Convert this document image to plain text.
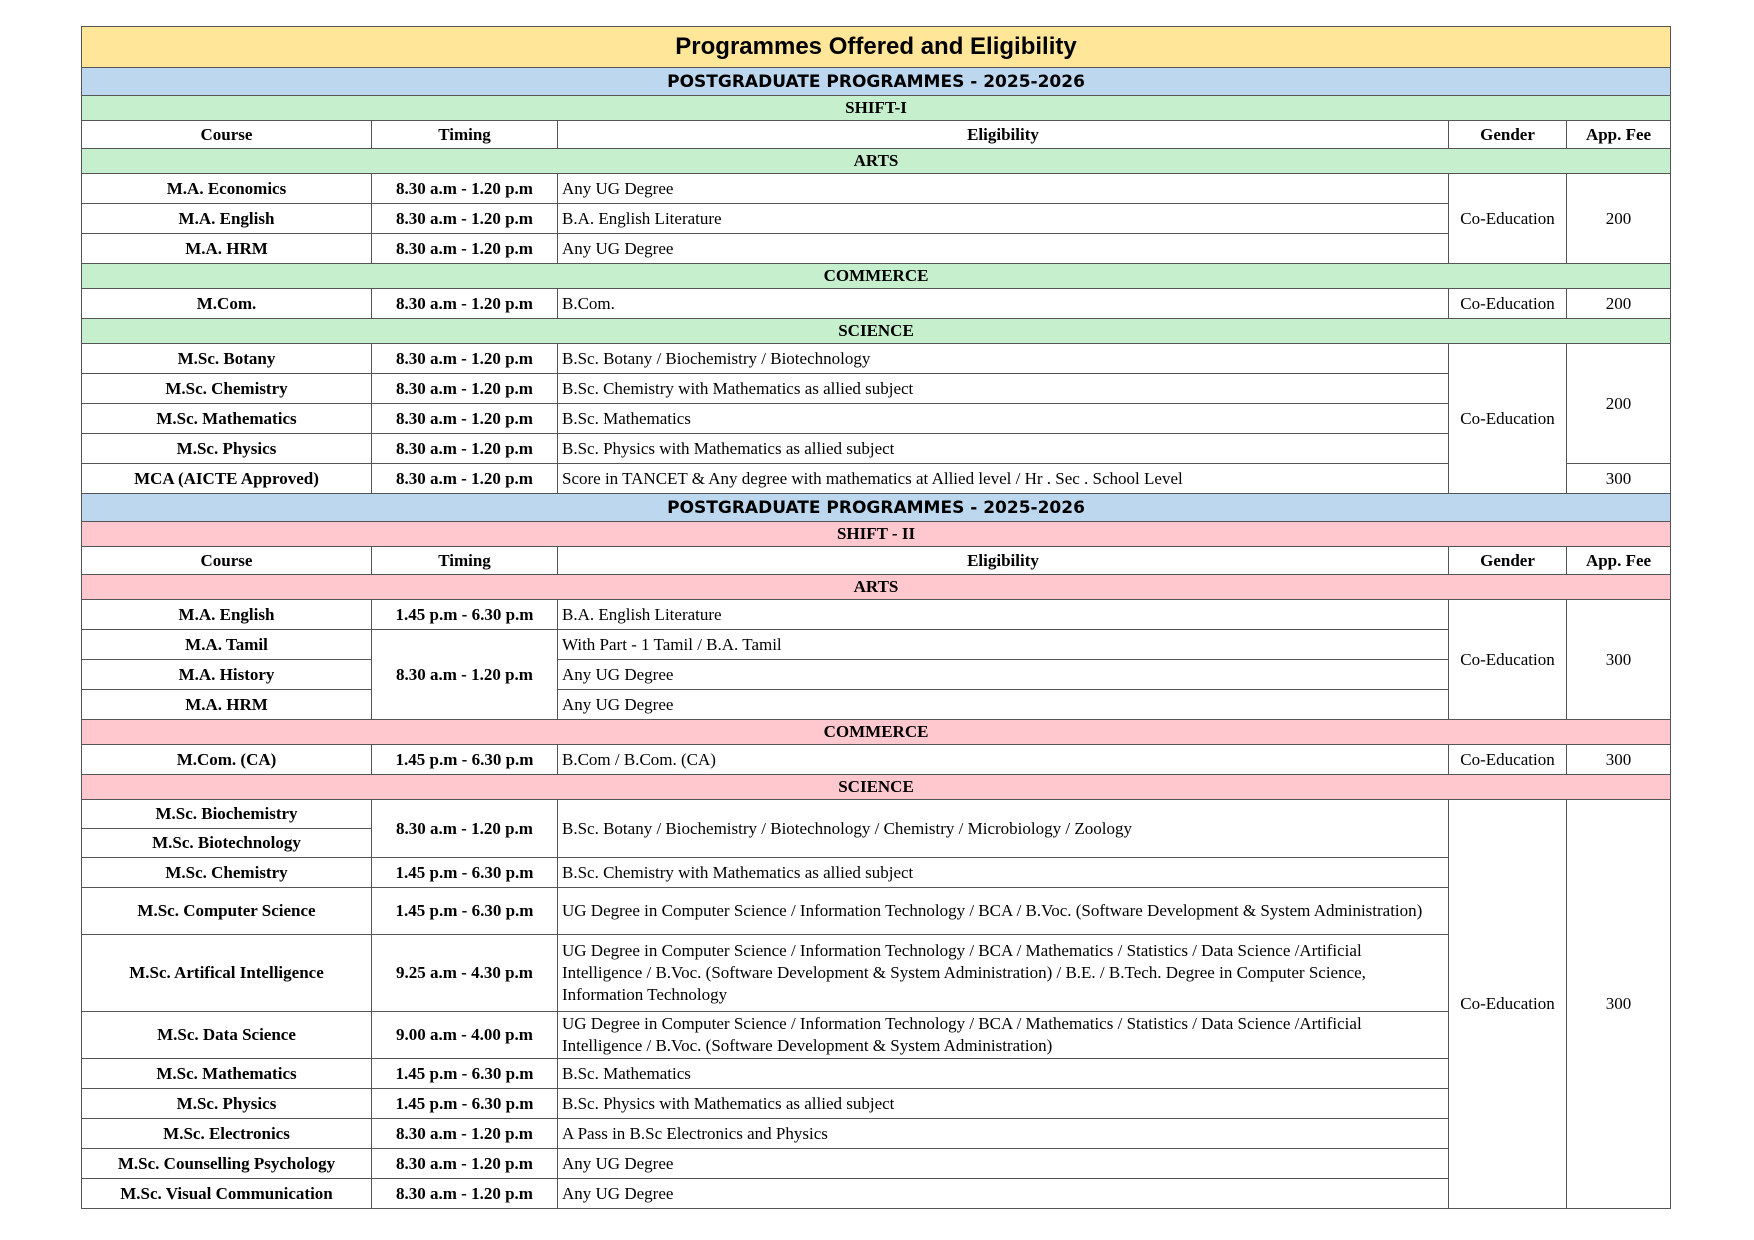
Programmes Offered and Eligibility				
POSTGRADUATE PROGRAMMES - 2025-2026				
SHIFT-I				
Course	Timing	Eligibility	Gender	App. Fee
ARTS				
M.A. Economics	8.30 a.m - 1.20 p.m	Any UG Degree	Co-Education	200
M.A. English	8.30 a.m - 1.20 p.m	B.A. English Literature		
M.A. HRM	8.30 a.m - 1.20 p.m	Any UG Degree		
COMMERCE				
M.Com.	8.30 a.m - 1.20 p.m	B.Com.	Co-Education	200
SCIENCE				
M.Sc. Botany	8.30 a.m - 1.20 p.m	B.Sc. Botany / Biochemistry / Biotechnology	Co-Education	200
M.Sc. Chemistry	8.30 a.m - 1.20 p.m	B.Sc. Chemistry with Mathematics as allied subject		
M.Sc. Mathematics	8.30 a.m - 1.20 p.m	B.Sc. Mathematics		
M.Sc. Physics	8.30 a.m - 1.20 p.m	B.Sc. Physics with Mathematics as allied subject		
MCA (AICTE Approved)	8.30 a.m - 1.20 p.m	Score in TANCET & Any degree with mathematics at Allied level / Hr . Sec . School Level		300
POSTGRADUATE PROGRAMMES - 2025-2026				
SHIFT - II				
Course	Timing	Eligibility	Gender	App. Fee
ARTS				
M.A. English	1.45 p.m - 6.30 p.m	B.A. English Literature	Co-Education	300
M.A. Tamil	8.30 a.m - 1.20 p.m	With Part - 1 Tamil / B.A. Tamil		
M.A. History		Any UG Degree		
M.A. HRM		Any UG Degree		
COMMERCE				
M.Com. (CA)	1.45 p.m - 6.30 p.m	B.Com / B.Com. (CA)	Co-Education	300
SCIENCE				
M.Sc. Biochemistry	8.30 a.m - 1.20 p.m	B.Sc. Botany / Biochemistry / Biotechnology / Chemistry / Microbiology / Zoology	Co-Education	300
M.Sc. Biotechnology				
M.Sc. Chemistry	1.45 p.m - 6.30 p.m	B.Sc. Chemistry with Mathematics as allied subject		
M.Sc. Computer Science	1.45 p.m - 6.30 p.m	UG Degree in Computer Science / Information Technology / BCA / B.Voc. (Software Development & System Administration)		
M.Sc. Artifical Intelligence	9.25 a.m - 4.30 p.m	UG Degree in Computer Science / Information Technology / BCA / Mathematics / Statistics / Data Science /Artificial Intelligence / B.Voc. (Software Development & System Administration) / B.E. / B.Tech. Degree in Computer Science, Information Technology		
M.Sc. Data Science	9.00 a.m - 4.00 p.m	UG Degree in Computer Science / Information Technology / BCA / Mathematics / Statistics / Data Science /Artificial Intelligence / B.Voc. (Software Development & System Administration)		
M.Sc. Mathematics	1.45 p.m - 6.30 p.m	B.Sc. Mathematics		
M.Sc. Physics	1.45 p.m - 6.30 p.m	B.Sc. Physics with Mathematics as allied subject		
M.Sc. Electronics	8.30 a.m - 1.20 p.m	A Pass in B.Sc Electronics and Physics		
M.Sc. Counselling Psychology	8.30 a.m - 1.20 p.m	Any UG Degree		
M.Sc. Visual Communication	8.30 a.m - 1.20 p.m	Any UG Degree		
